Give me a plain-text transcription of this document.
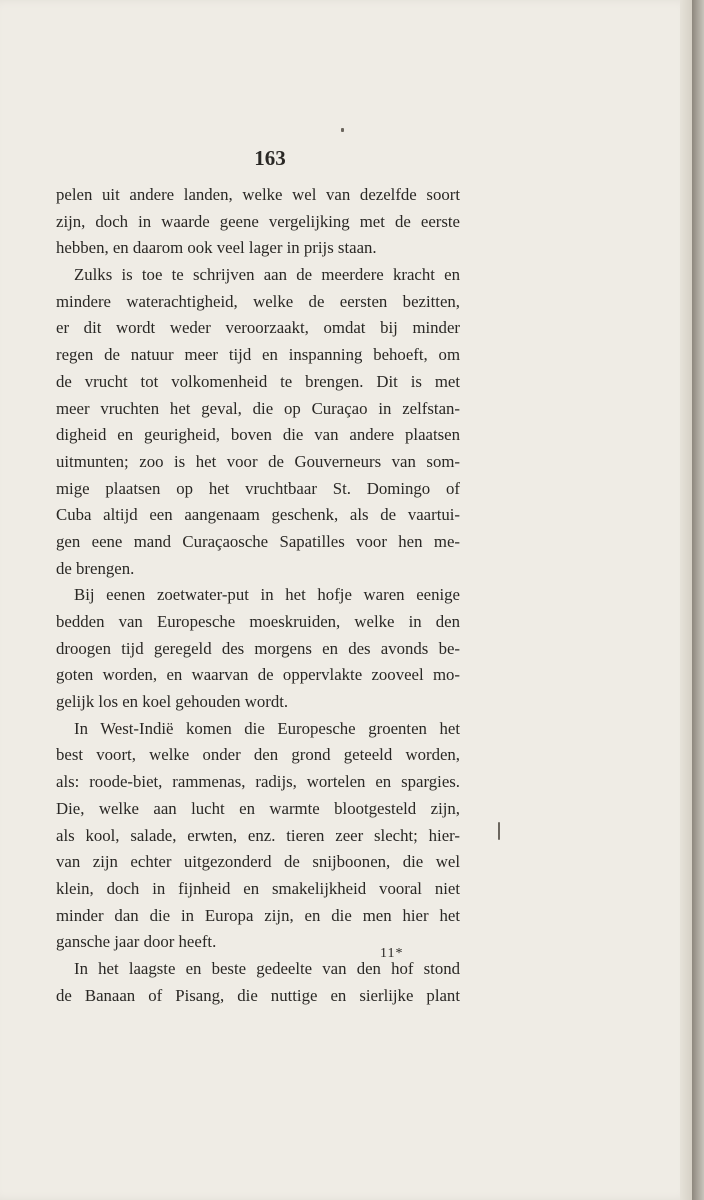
163
pelen uit andere landen, welke wel van dezelfde soort
zijn, doch in waarde geene vergelijking met de eerste
hebben, en daarom ook veel lager in prijs staan.
Zulks is toe te schrijven aan de meerdere kracht en
mindere waterachtigheid, welke de eersten bezitten,
er dit wordt weder veroorzaakt, omdat bij minder
regen de natuur meer tijd en inspanning behoeft, om
de vrucht tot volkomenheid te brengen. Dit is met
meer vruchten het geval, die op Curaçao in zelfstan-
digheid en geurigheid, boven die van andere plaatsen
uitmunten; zoo is het voor de Gouverneurs van som-
mige plaatsen op het vruchtbaar St. Domingo of
Cuba altijd een aangenaam geschenk, als de vaartui-
gen eene mand Curaçaosche Sapatilles voor hen me-
de brengen.
Bij eenen zoetwater-put in het hofje waren eenige
bedden van Europesche moeskruiden, welke in den
droogen tijd geregeld des morgens en des avonds be-
goten worden, en waarvan de oppervlakte zooveel mo-
gelijk los en koel gehouden wordt.
In West-Indië komen die Europesche groenten het
best voort, welke onder den grond geteeld worden,
als: roode-biet, rammenas, radijs, wortelen en spargies.
Die, welke aan lucht en warmte blootgesteld zijn,
als kool, salade, erwten, enz. tieren zeer slecht; hier-
van zijn echter uitgezonderd de snijboonen, die wel
klein, doch in fijnheid en smakelijkheid vooral niet
minder dan die in Europa zijn, en die men hier het
gansche jaar door heeft.
In het laagste en beste gedeelte van den hof stond
de Banaan of Pisang, die nuttige en sierlijke plant
11*
